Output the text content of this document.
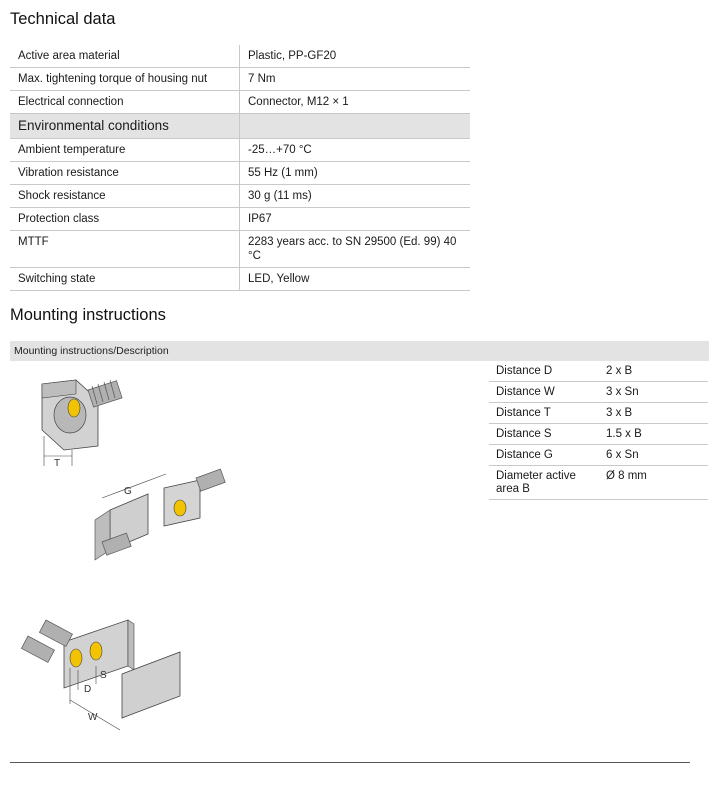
Technical data
Active area material	Plastic, PP-GF20
Max. tightening torque of housing nut	7 Nm
Electrical connection	Connector, M12 × 1
Environmental conditions	
Ambient temperature	-25…+70 °C
Vibration resistance	55 Hz (1 mm)
Shock resistance	30 g (11 ms)
Protection class	IP67
MTTF	2283 years acc. to SN 29500 (Ed. 99) 40 °C
Switching state	LED, Yellow
Mounting instructions
Mounting instructions/Description
Distance D	2 x B
Distance W	3 x Sn
Distance T	3 x B
Distance S	1.5 x B
Distance G	6 x Sn
Diameter active area B	Ø 8 mm
T
G
S
D
W
